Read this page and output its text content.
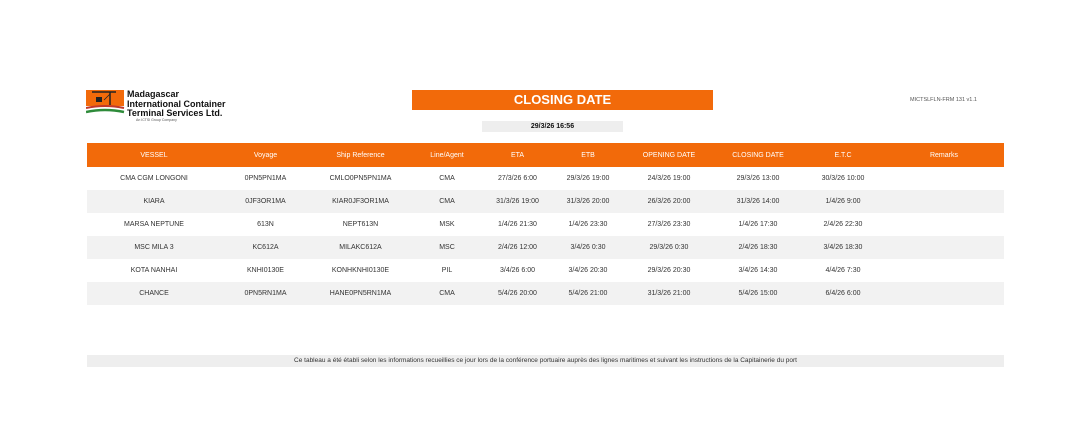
Madagascar
International Container
Terminal Services Ltd.
An ICTSI Group Company
CLOSING DATE
29/3/26 16:56
MICTSLFLN-FRM 131 v1.1
VESSEL	Voyage	Ship Reference	Line/Agent	ETA	ETB	OPENING DATE	CLOSING DATE	E.T.C	Remarks
CMA CGM LONGONI	0PN5PN1MA	CMLO0PN5PN1MA	CMA	27/3/26 6:00	29/3/26 19:00	24/3/26 19:00	29/3/26 13:00	30/3/26 10:00	
KIARA	0JF3OR1MA	KIAR0JF3OR1MA	CMA	31/3/26 19:00	31/3/26 20:00	26/3/26 20:00	31/3/26 14:00	1/4/26 9:00	
MARSA NEPTUNE	613N	NEPT613N	MSK	1/4/26 21:30	1/4/26 23:30	27/3/26 23:30	1/4/26 17:30	2/4/26 22:30	
MSC MILA 3	KC612A	MILAKC612A	MSC	2/4/26 12:00	3/4/26 0:30	29/3/26 0:30	2/4/26 18:30	3/4/26 18:30	
KOTA NANHAI	KNHI0130E	KONHKNHI0130E	PIL	3/4/26 6:00	3/4/26 20:30	29/3/26 20:30	3/4/26 14:30	4/4/26 7:30	
CHANCE	0PN5RN1MA	HANE0PN5RN1MA	CMA	5/4/26 20:00	5/4/26 21:00	31/3/26 21:00	5/4/26 15:00	6/4/26 6:00	
Ce tableau a été établi selon les informations recueillies ce jour lors de la conférence portuaire auprès des lignes maritimes et suivant les instructions de la Capitainerie du port
